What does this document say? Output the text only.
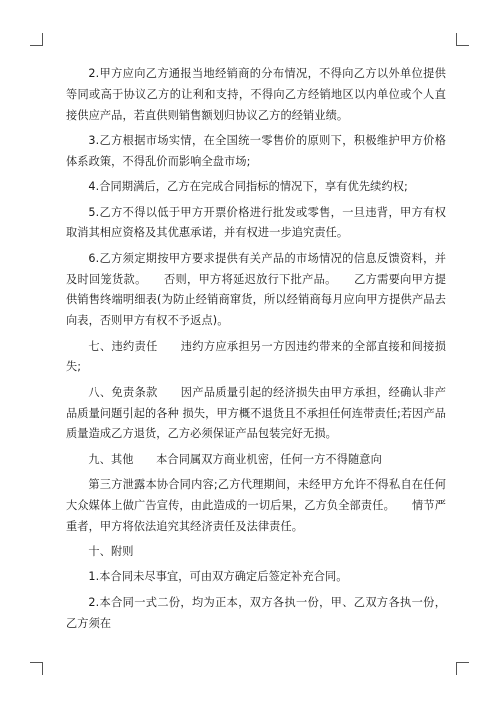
2.甲方应向乙方通报当地经销商的分布情况，不得向乙方以外单位提供等同或高于协议乙方的让利和支持，不得向乙方经销地区以内单位或个人直接供应产品，若直供则销售额划归协议乙方的经销业绩。

3.乙方根据市场实情，在全国统一零售价的原则下，积极维护甲方价格体系政策，不得乱价而影响全盘市场;

4.合同期满后，乙方在完成合同指标的情况下，享有优先续约权;

5.乙方不得以低于甲方开票价格进行批发或零售，一旦违背，甲方有权取消其相应资格及其优惠承诺，并有权进一步追究责任。

6.乙方须定期按甲方要求提供有关产品的市场情况的信息反馈资料，并及时回笼货款。　　否则，甲方将延迟放行下批产品。　　乙方需要向甲方提供销售终端明细表(为防止经销商窜货，所以经销商每月应向甲方提供产品去向表，否则甲方有权不予返点)。

七、违约责任　　违约方应承担另一方因违约带来的全部直接和间接损失;

八、免责条款　　因产品质量引起的经济损失由甲方承担，经确认非产品质量问题引起的各种 损失，甲方概不退货且不承担任何连带责任;若因产品质量造成乙方退货，乙方必须保证产品包装完好无损。

九、其他　　本合同属双方商业机密，任何一方不得随意向

第三方泄露本协合同内容;乙方代理期间，未经甲方允许不得私自在任何大众媒体上做广告宣传，由此造成的一切后果，乙方负全部责任。　　情节严重者，甲方将依法追究其经济责任及法律责任。

十、附则

1.本合同未尽事宜，可由双方确定后签定补充合同。

2.本合同一式二份，均为正本，双方各执一份，甲、乙双方各执一份，乙方须在
